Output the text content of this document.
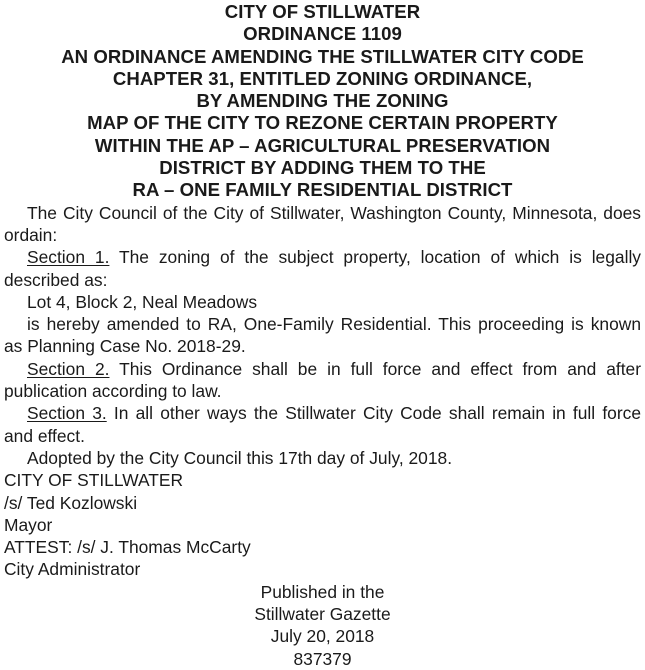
CITY OF STILLWATER
ORDINANCE 1109
AN ORDINANCE AMENDING THE STILLWATER CITY CODE
CHAPTER 31, ENTITLED ZONING ORDINANCE,
BY AMENDING THE ZONING
MAP OF THE CITY TO REZONE CERTAIN PROPERTY
WITHIN THE AP – AGRICULTURAL PRESERVATION
DISTRICT BY ADDING THEM TO THE
RA – ONE FAMILY RESIDENTIAL DISTRICT
The City Council of the City of Stillwater, Washington County, Minnesota, does ordain:
Section 1. The zoning of the subject property, location of which is legally described as:
Lot 4, Block 2, Neal Meadows
is hereby amended to RA, One-Family Residential. This proceeding is known as Planning Case No. 2018-29.
Section 2. This Ordinance shall be in full force and effect from and after publication according to law.
Section 3. In all other ways the Stillwater City Code shall remain in full force and effect.
Adopted by the City Council this 17th day of July, 2018.
CITY OF STILLWATER
/s/ Ted Kozlowski
Mayor
ATTEST: /s/ J. Thomas McCarty
City Administrator
Published in the
Stillwater Gazette
July 20, 2018
837379
